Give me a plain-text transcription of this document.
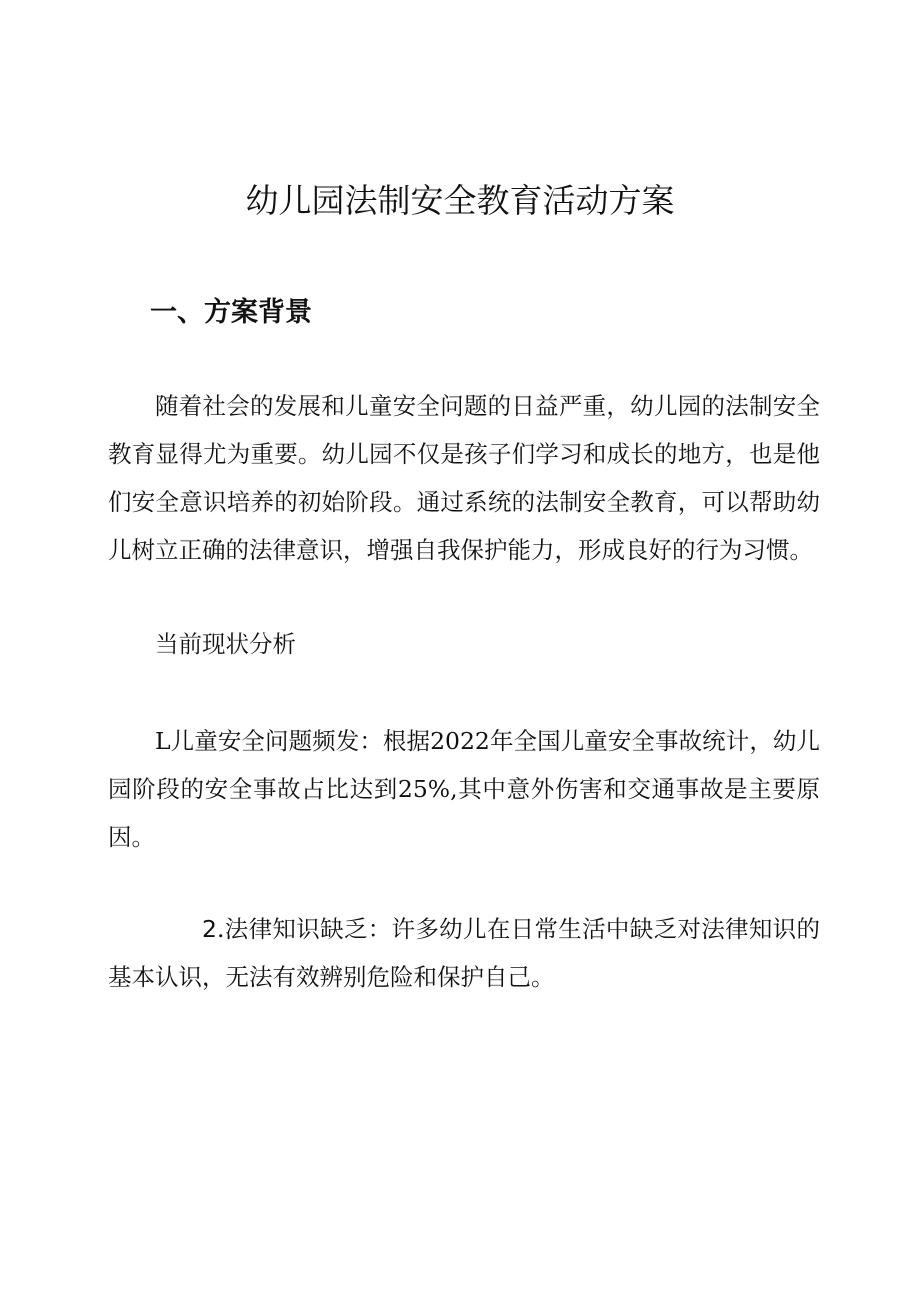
幼儿园法制安全教育活动方案
一、方案背景

随着社会的发展和儿童安全问题的日益严重，幼儿园的法制安全教育显得尤为重要。幼儿园不仅是孩子们学习和成长的地方，也是他们安全意识培养的初始阶段。通过系统的法制安全教育，可以帮助幼儿树立正确的法律意识，增强自我保护能力，形成良好的行为习惯。

当前现状分析

L儿童安全问题频发：根据2022年全国儿童安全事故统计，幼儿园阶段的安全事故占比达到25%,其中意外伤害和交通事故是主要原因。

2.法律知识缺乏：许多幼儿在日常生活中缺乏对法律知识的基本认识，无法有效辨别危险和保护自己。
